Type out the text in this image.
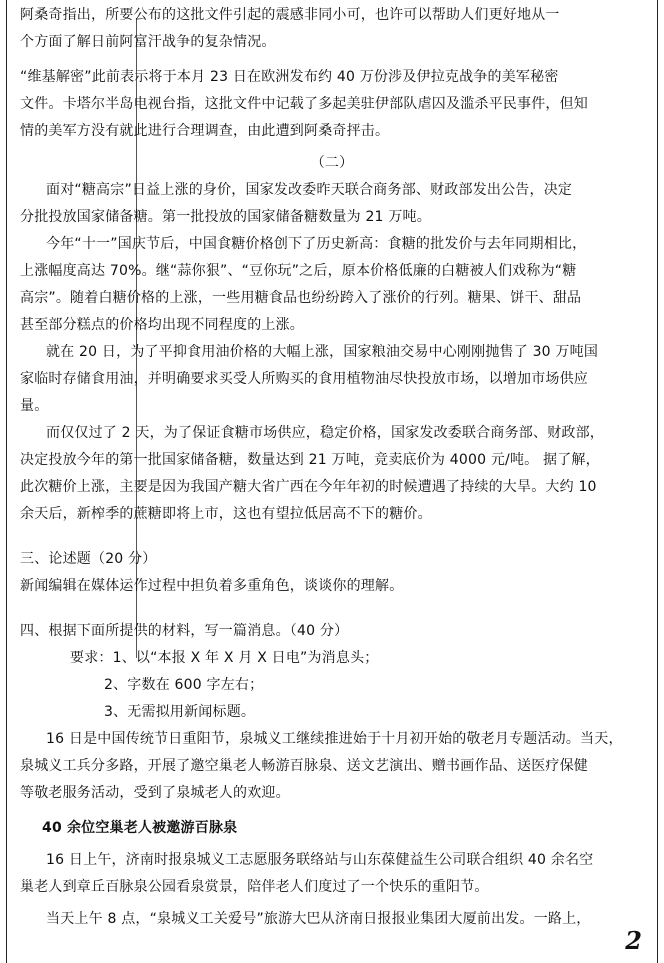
阿桑奇指出，所要公布的这批文件引起的震感非同小可，也许可以帮助人们更好地从一
个方面了解日前阿富汗战争的复杂情况。
“维基解密”此前表示将于本月 23 日在欧洲发布约 40 万份涉及伊拉克战争的美军秘密
文件。卡塔尔半岛电视台指，这批文件中记载了多起美驻伊部队虐囚及滥杀平民事件，但知
情的美军方没有就此进行合理调查，由此遭到阿桑奇抨击。
（二）
面对“糖高宗”日益上涨的身价，国家发改委昨天联合商务部、财政部发出公告，决定
分批投放国家储备糖。第一批投放的国家储备糖数量为 21 万吨。
今年“十一”国庆节后，中国食糖价格创下了历史新高：食糖的批发价与去年同期相比，
上涨幅度高达 70%。继“蒜你狠”、“豆你玩”之后，原本价格低廉的白糖被人们戏称为“糖
高宗”。随着白糖价格的上涨，一些用糖食品也纷纷跨入了涨价的行列。糖果、饼干、甜品
甚至部分糕点的价格均出现不同程度的上涨。
就在 20 日，为了平抑食用油价格的大幅上涨，国家粮油交易中心刚刚抛售了 30 万吨国
家临时存储食用油，并明确要求买受人所购买的食用植物油尽快投放市场，以增加市场供应
量。
而仅仅过了 2 天，为了保证食糖市场供应，稳定价格，国家发改委联合商务部、财政部，
决定投放今年的第一批国家储备糖，数量达到 21 万吨，竞卖底价为 4000 元/吨。 据了解，
此次糖价上涨，主要是因为我国产糖大省广西在今年年初的时候遭遇了持续的大旱。大约 10
余天后，新榨季的蔗糖即将上市，这也有望拉低居高不下的糖价。
三、论述题（20 分）
新闻编辑在媒体运作过程中担负着多重角色，谈谈你的理解。
四、根据下面所提供的材料，写一篇消息。（40 分）
要求：1、以“本报 X 年 X 月 X 日电”为消息头；
2、字数在 600 字左右；
3、无需拟用新闻标题。
16 日是中国传统节日重阳节，泉城义工继续推进始于十月初开始的敬老月专题活动。当天，
泉城义工兵分多路，开展了邀空巢老人畅游百脉泉、送文艺演出、赠书画作品、送医疗保健
等敬老服务活动，受到了泉城老人的欢迎。
40 余位空巢老人被邀游百脉泉
16 日上午，济南时报泉城义工志愿服务联络站与山东葆健益生公司联合组织 40 余名空
巢老人到章丘百脉泉公园看泉赏景，陪伴老人们度过了一个快乐的重阳节。
当天上午 8 点，“泉城义工关爱号”旅游大巴从济南日报报业集团大厦前出发。一路上，
2
